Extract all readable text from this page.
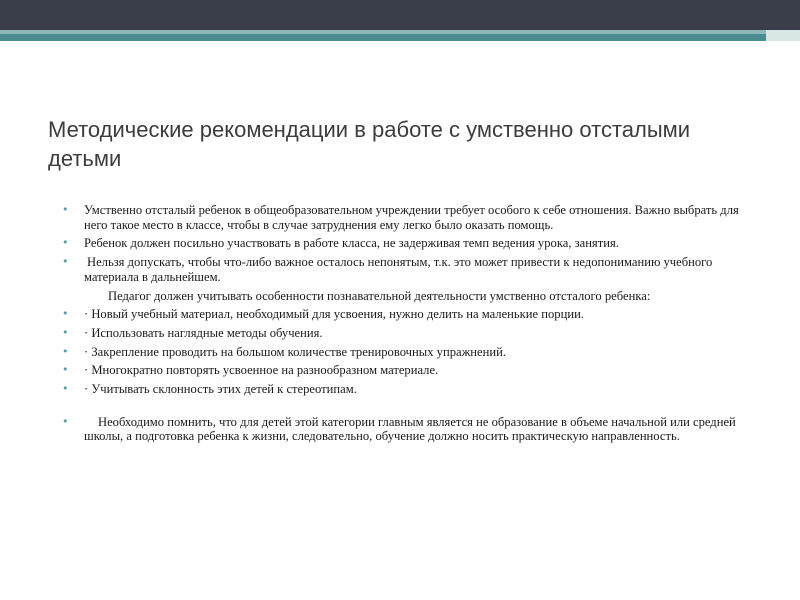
Методические рекомендации в работе с умственно отсталыми детьми

• Умственно отсталый ребенок в общеобразовательном учреждении требует особого к себе отношения. Важно выбрать для него такое место в классе, чтобы в случае затруднения ему легко было оказать помощь.

• Ребенок должен посильно участвовать в работе класса, не задерживая темп ведения урока, занятия.

• Нельзя допускать, чтобы что-либо важное осталось непонятым, т.к. это может привести к недопониманию учебного материала в дальнейшем.

Педагог должен учитывать особенности познавательной деятельности умственно отсталого ребенка:

• · Новый учебный материал, необходимый для усвоения, нужно делить на маленькие порции.

• · Использовать наглядные методы обучения.

• · Закрепление проводить на большом количестве тренировочных упражнений.

• · Многократно повторять усвоенное на разнообразном материале.

• · Учитывать склонность этих детей к стереотипам.

• Необходимо помнить, что для детей этой категории главным является не образование в объеме начальной или средней школы, а подготовка ребенка к жизни, следовательно, обучение должно носить практическую направленность.
